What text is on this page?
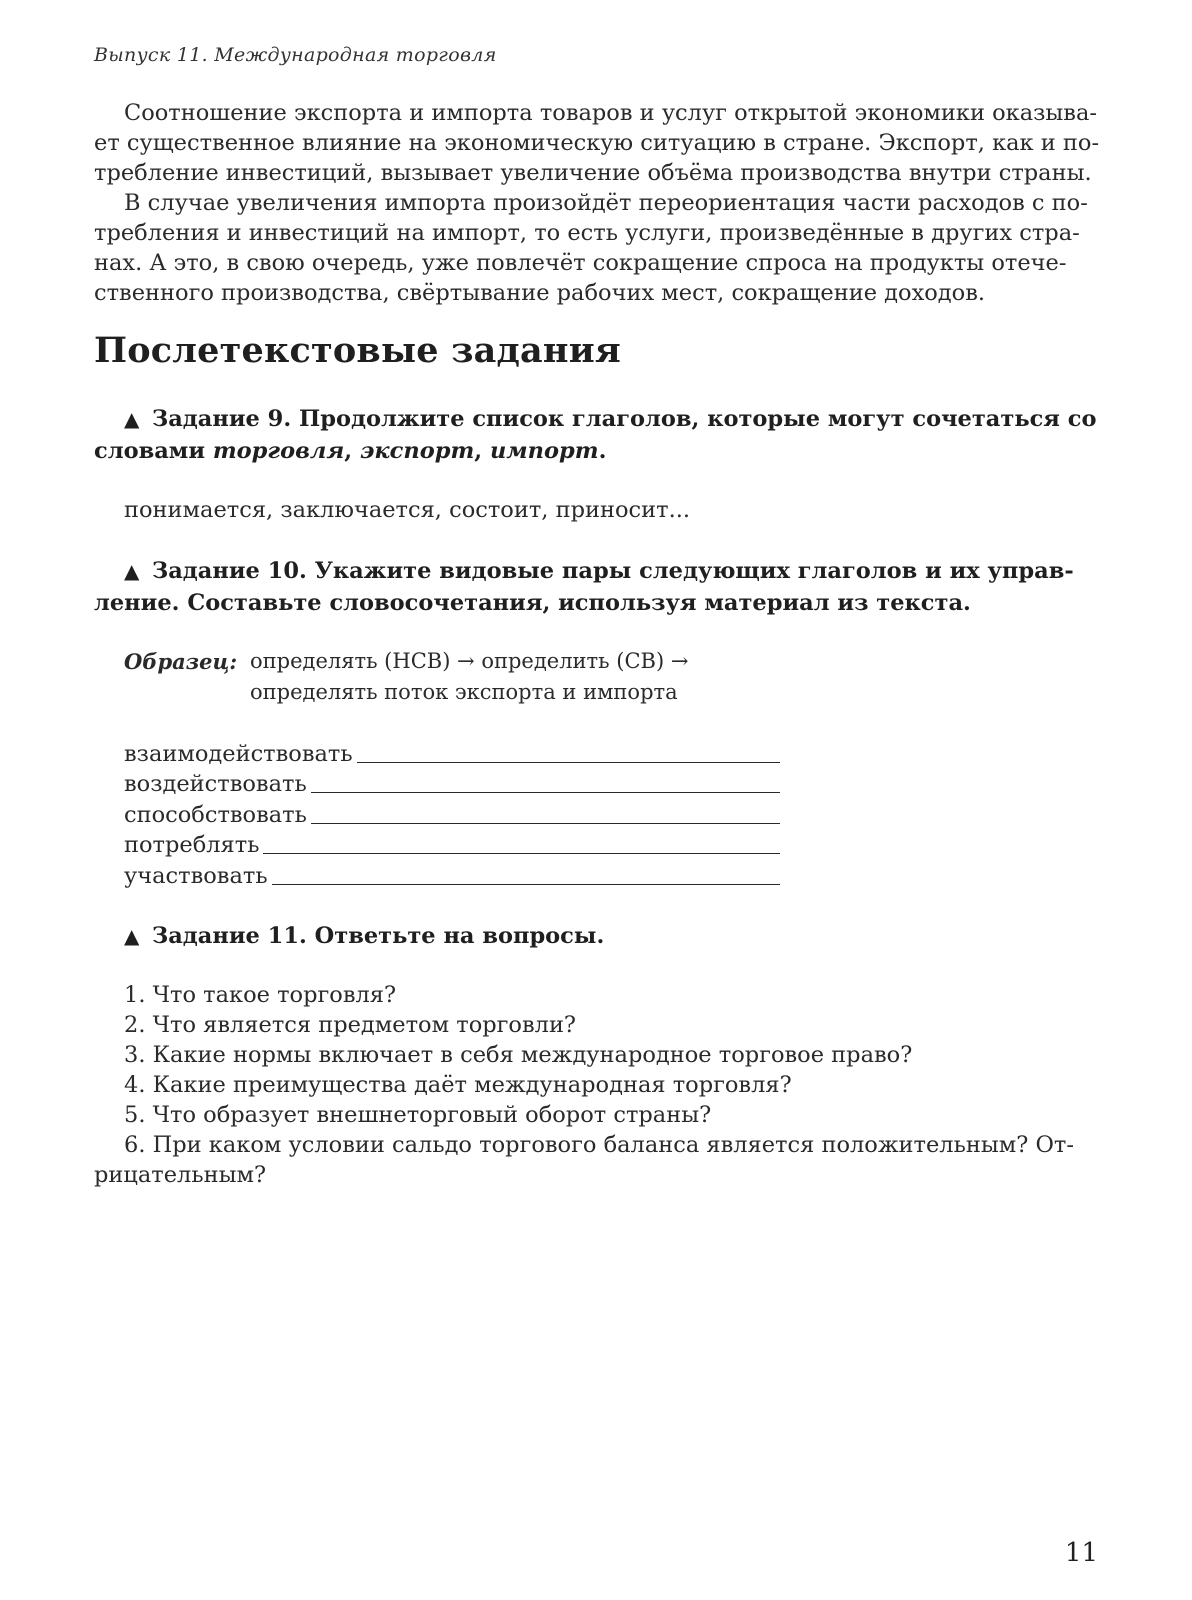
Выпуск 11. Международная торговля
Соотношение экспорта и импорта товаров и услуг открытой экономики оказыва-
ет существенное влияние на экономическую ситуацию в стране. Экспорт, как и по-
требление инвестиций, вызывает увеличение объёма производства внутри страны.
В случае увеличения импорта произойдёт переориентация части расходов с по-
требления и инвестиций на импорт, то есть услуги, произведённые в других стра-
нах. А это, в свою очередь, уже повлечёт сокращение спроса на продукты отече-
ственного производства, свёртывание рабочих мест, сокращение доходов.
Послетекстовые задания
▲ Задание 9. Продолжите список глаголов, которые могут сочетаться со
словами торговля, экспорт, импорт.
понимается, заключается, состоит, приносит...
▲ Задание 10. Укажите видовые пары следующих глаголов и их управ-
ление. Составьте словосочетания, используя материал из текста.
Образец: определять (НСВ) → определить (СВ) →
определять поток экспорта и импорта
взаимодействовать
воздействовать
способствовать
потреблять
участвовать
▲ Задание 11. Ответьте на вопросы.
1. Что такое торговля?
2. Что является предметом торговли?
3. Какие нормы включает в себя международное торговое право?
4. Какие преимущества даёт международная торговля?
5. Что образует внешнеторговый оборот страны?
6. При каком условии сальдо торгового баланса является положительным? От-
рицательным?
11
